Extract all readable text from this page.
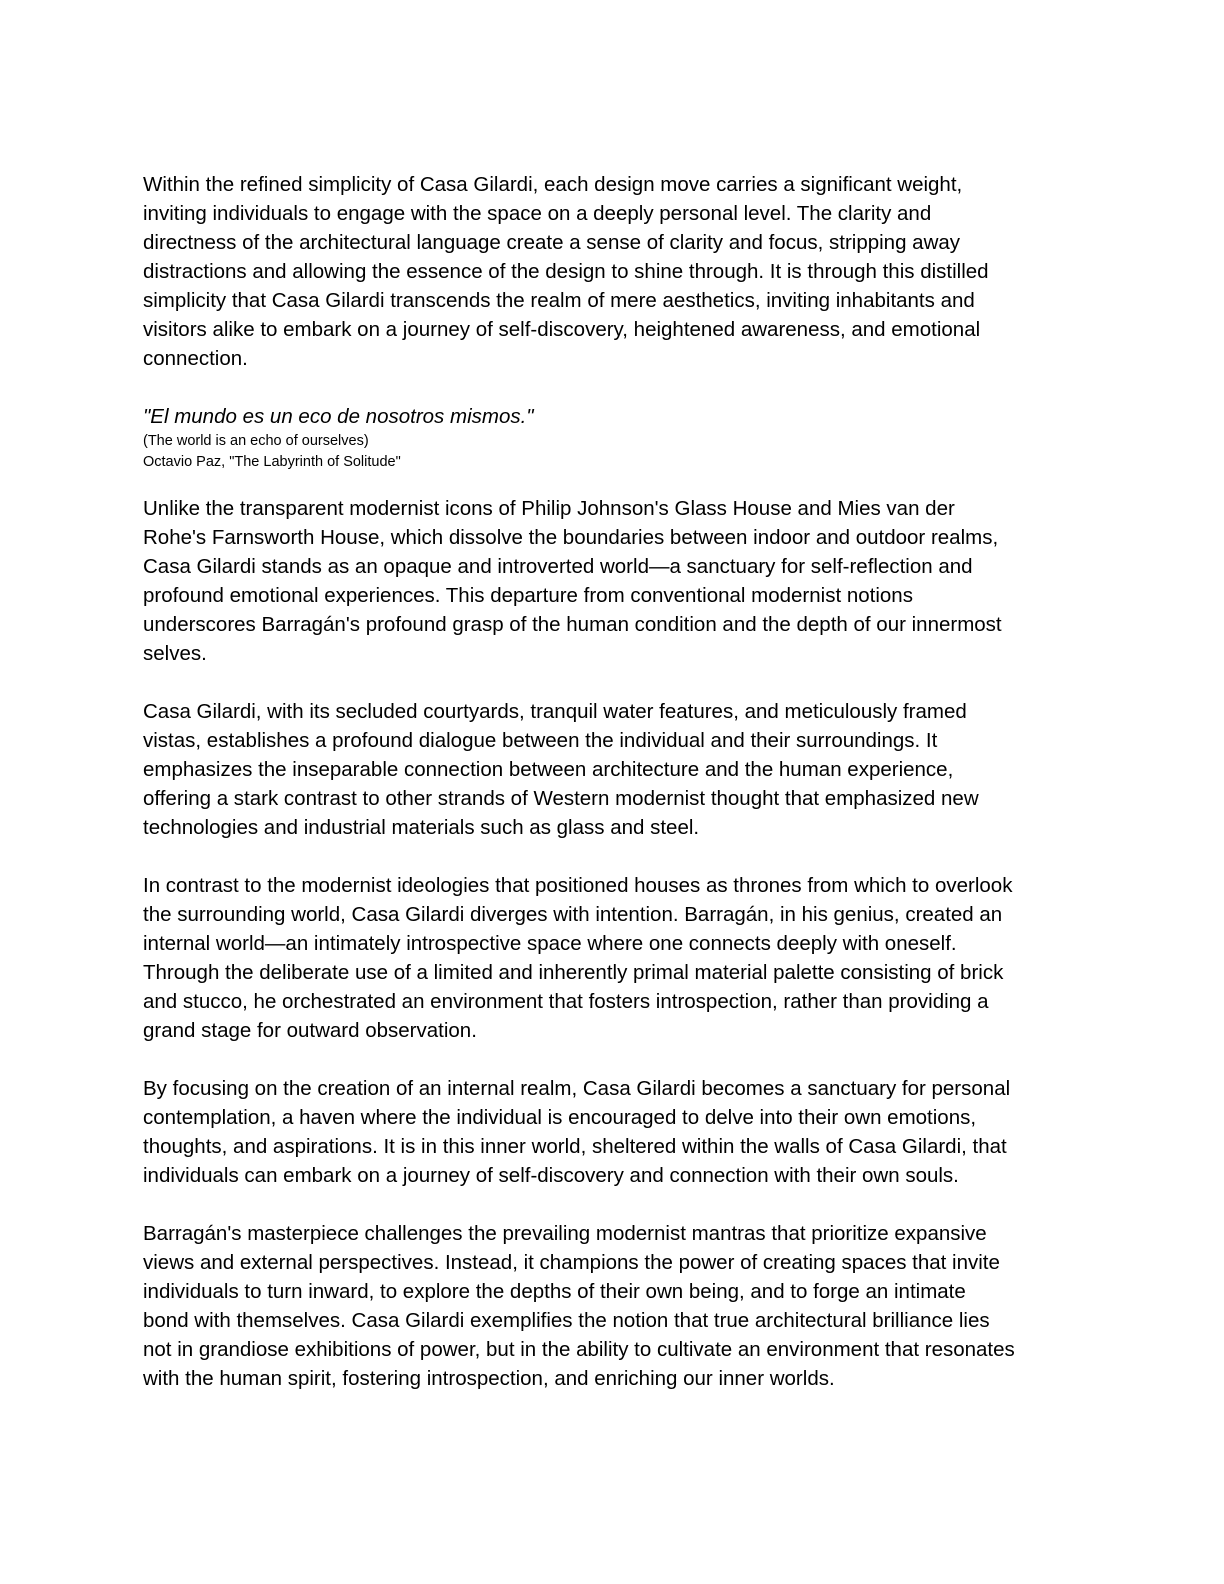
Within the refined simplicity of Casa Gilardi, each design move carries a significant weight,
inviting individuals to engage with the space on a deeply personal level. The clarity and
directness of the architectural language create a sense of clarity and focus, stripping away
distractions and allowing the essence of the design to shine through. It is through this distilled
simplicity that Casa Gilardi transcends the realm of mere aesthetics, inviting inhabitants and
visitors alike to embark on a journey of self-discovery, heightened awareness, and emotional
connection.

"El mundo es un eco de nosotros mismos."

(The world is an echo of ourselves)

Octavio Paz, "The Labyrinth of Solitude"

Unlike the transparent modernist icons of Philip Johnson's Glass House and Mies van der
Rohe's Farnsworth House, which dissolve the boundaries between indoor and outdoor realms,
Casa Gilardi stands as an opaque and introverted world—a sanctuary for self-reflection and
profound emotional experiences. This departure from conventional modernist notions
underscores Barragán's profound grasp of the human condition and the depth of our innermost
selves.

Casa Gilardi, with its secluded courtyards, tranquil water features, and meticulously framed
vistas, establishes a profound dialogue between the individual and their surroundings. It
emphasizes the inseparable connection between architecture and the human experience,
offering a stark contrast to other strands of Western modernist thought that emphasized new
technologies and industrial materials such as glass and steel.

In contrast to the modernist ideologies that positioned houses as thrones from which to overlook
the surrounding world, Casa Gilardi diverges with intention. Barragán, in his genius, created an
internal world—an intimately introspective space where one connects deeply with oneself.
Through the deliberate use of a limited and inherently primal material palette consisting of brick
and stucco, he orchestrated an environment that fosters introspection, rather than providing a
grand stage for outward observation.

By focusing on the creation of an internal realm, Casa Gilardi becomes a sanctuary for personal
contemplation, a haven where the individual is encouraged to delve into their own emotions,
thoughts, and aspirations. It is in this inner world, sheltered within the walls of Casa Gilardi, that
individuals can embark on a journey of self-discovery and connection with their own souls.

Barragán's masterpiece challenges the prevailing modernist mantras that prioritize expansive
views and external perspectives. Instead, it champions the power of creating spaces that invite
individuals to turn inward, to explore the depths of their own being, and to forge an intimate
bond with themselves. Casa Gilardi exemplifies the notion that true architectural brilliance lies
not in grandiose exhibitions of power, but in the ability to cultivate an environment that resonates
with the human spirit, fostering introspection, and enriching our inner worlds.
